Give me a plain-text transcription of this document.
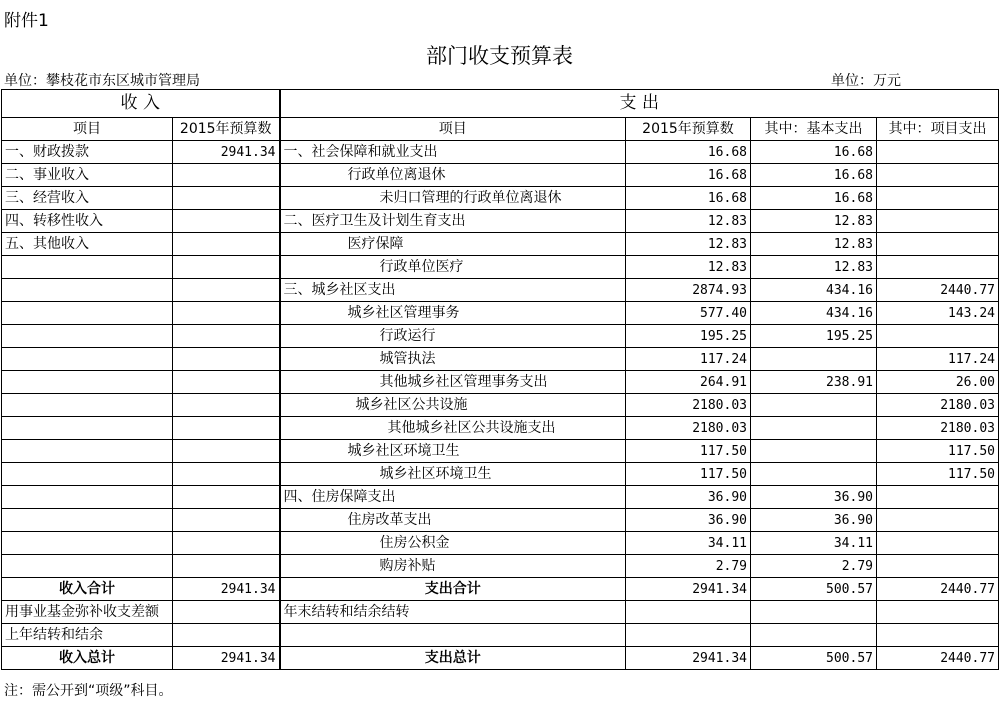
附件1
部门收支预算表
单位：攀枝花市东区城市管理局	单位：万元
收 入		支 出			
项目	2015年预算数	项目	2015年预算数	其中：基本支出	其中：项目支出
一、财政拨款	2941.34	一、社会保障和就业支出	16.68	16.68	
二、事业收入		行政单位离退休	16.68	16.68	
三、经营收入		未归口管理的行政单位离退休	16.68	16.68	
四、转移性收入		二、医疗卫生及计划生育支出	12.83	12.83	
五、其他收入		医疗保障	12.83	12.83	
		行政单位医疗	12.83	12.83	
		三、城乡社区支出	2874.93	434.16	2440.77
		城乡社区管理事务	577.40	434.16	143.24
		行政运行	195.25	195.25	
		城管执法	117.24		117.24
		其他城乡社区管理事务支出	264.91	238.91	26.00
		城乡社区公共设施	2180.03		2180.03
		其他城乡社区公共设施支出	2180.03		2180.03
		城乡社区环境卫生	117.50		117.50
		城乡社区环境卫生	117.50		117.50
		四、住房保障支出	36.90	36.90	
		住房改革支出	36.90	36.90	
		住房公积金	34.11	34.11	
		购房补贴	2.79	2.79	
收入合计	2941.34	支出合计	2941.34	500.57	2440.77
用事业基金弥补收支差额		年末结转和结余结转			
上年结转和结余					
收入总计	2941.34	支出总计	2941.34	500.57	2440.77
注：需公开到“项级”科目。
